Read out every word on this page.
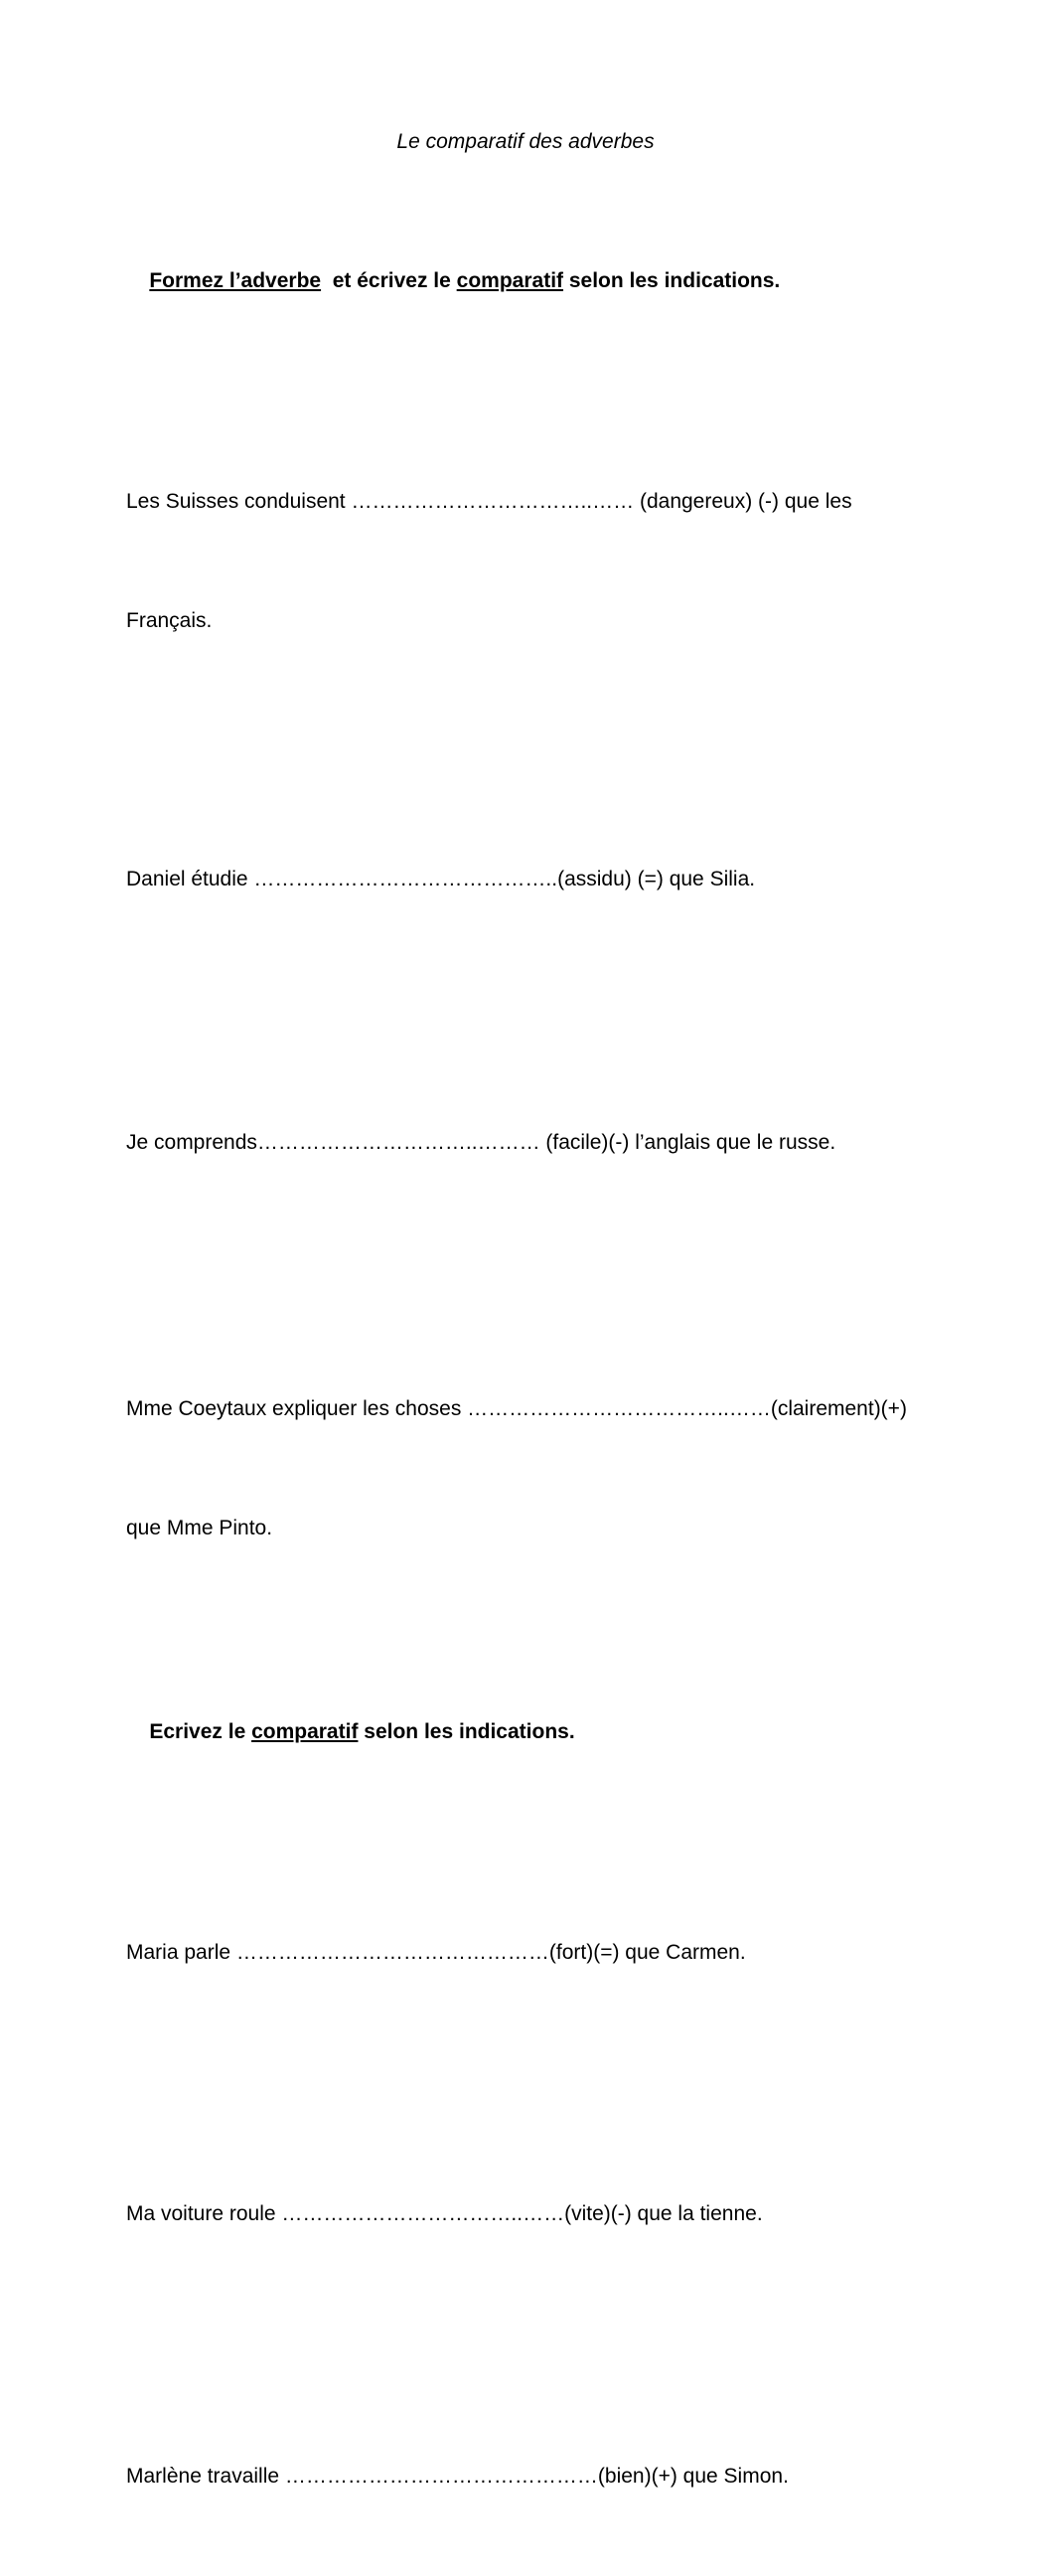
Le comparatif des adverbes

Formez l’adverbe  et écrivez le comparatif selon les indications.

Les Suisses conduisent ……………………………..…… (dangereux) (-) que les

Français.

Daniel étudie ……………………………………..(assidu) (=) que Silia.

Je comprends…………………………..……… (facile)(-) l’anglais que le russe.

Mme Coeytaux expliquer les choses ………………………………..……(clairement)(+)

que Mme Pinto.

Ecrivez le comparatif selon les indications.

Maria parle ………………………………………(fort)(=) que Carmen.

Ma voiture roule ……………………………..……(vite)(-) que la tienne.

Marlène travaille ………………………………………(bien)(+) que Simon.
